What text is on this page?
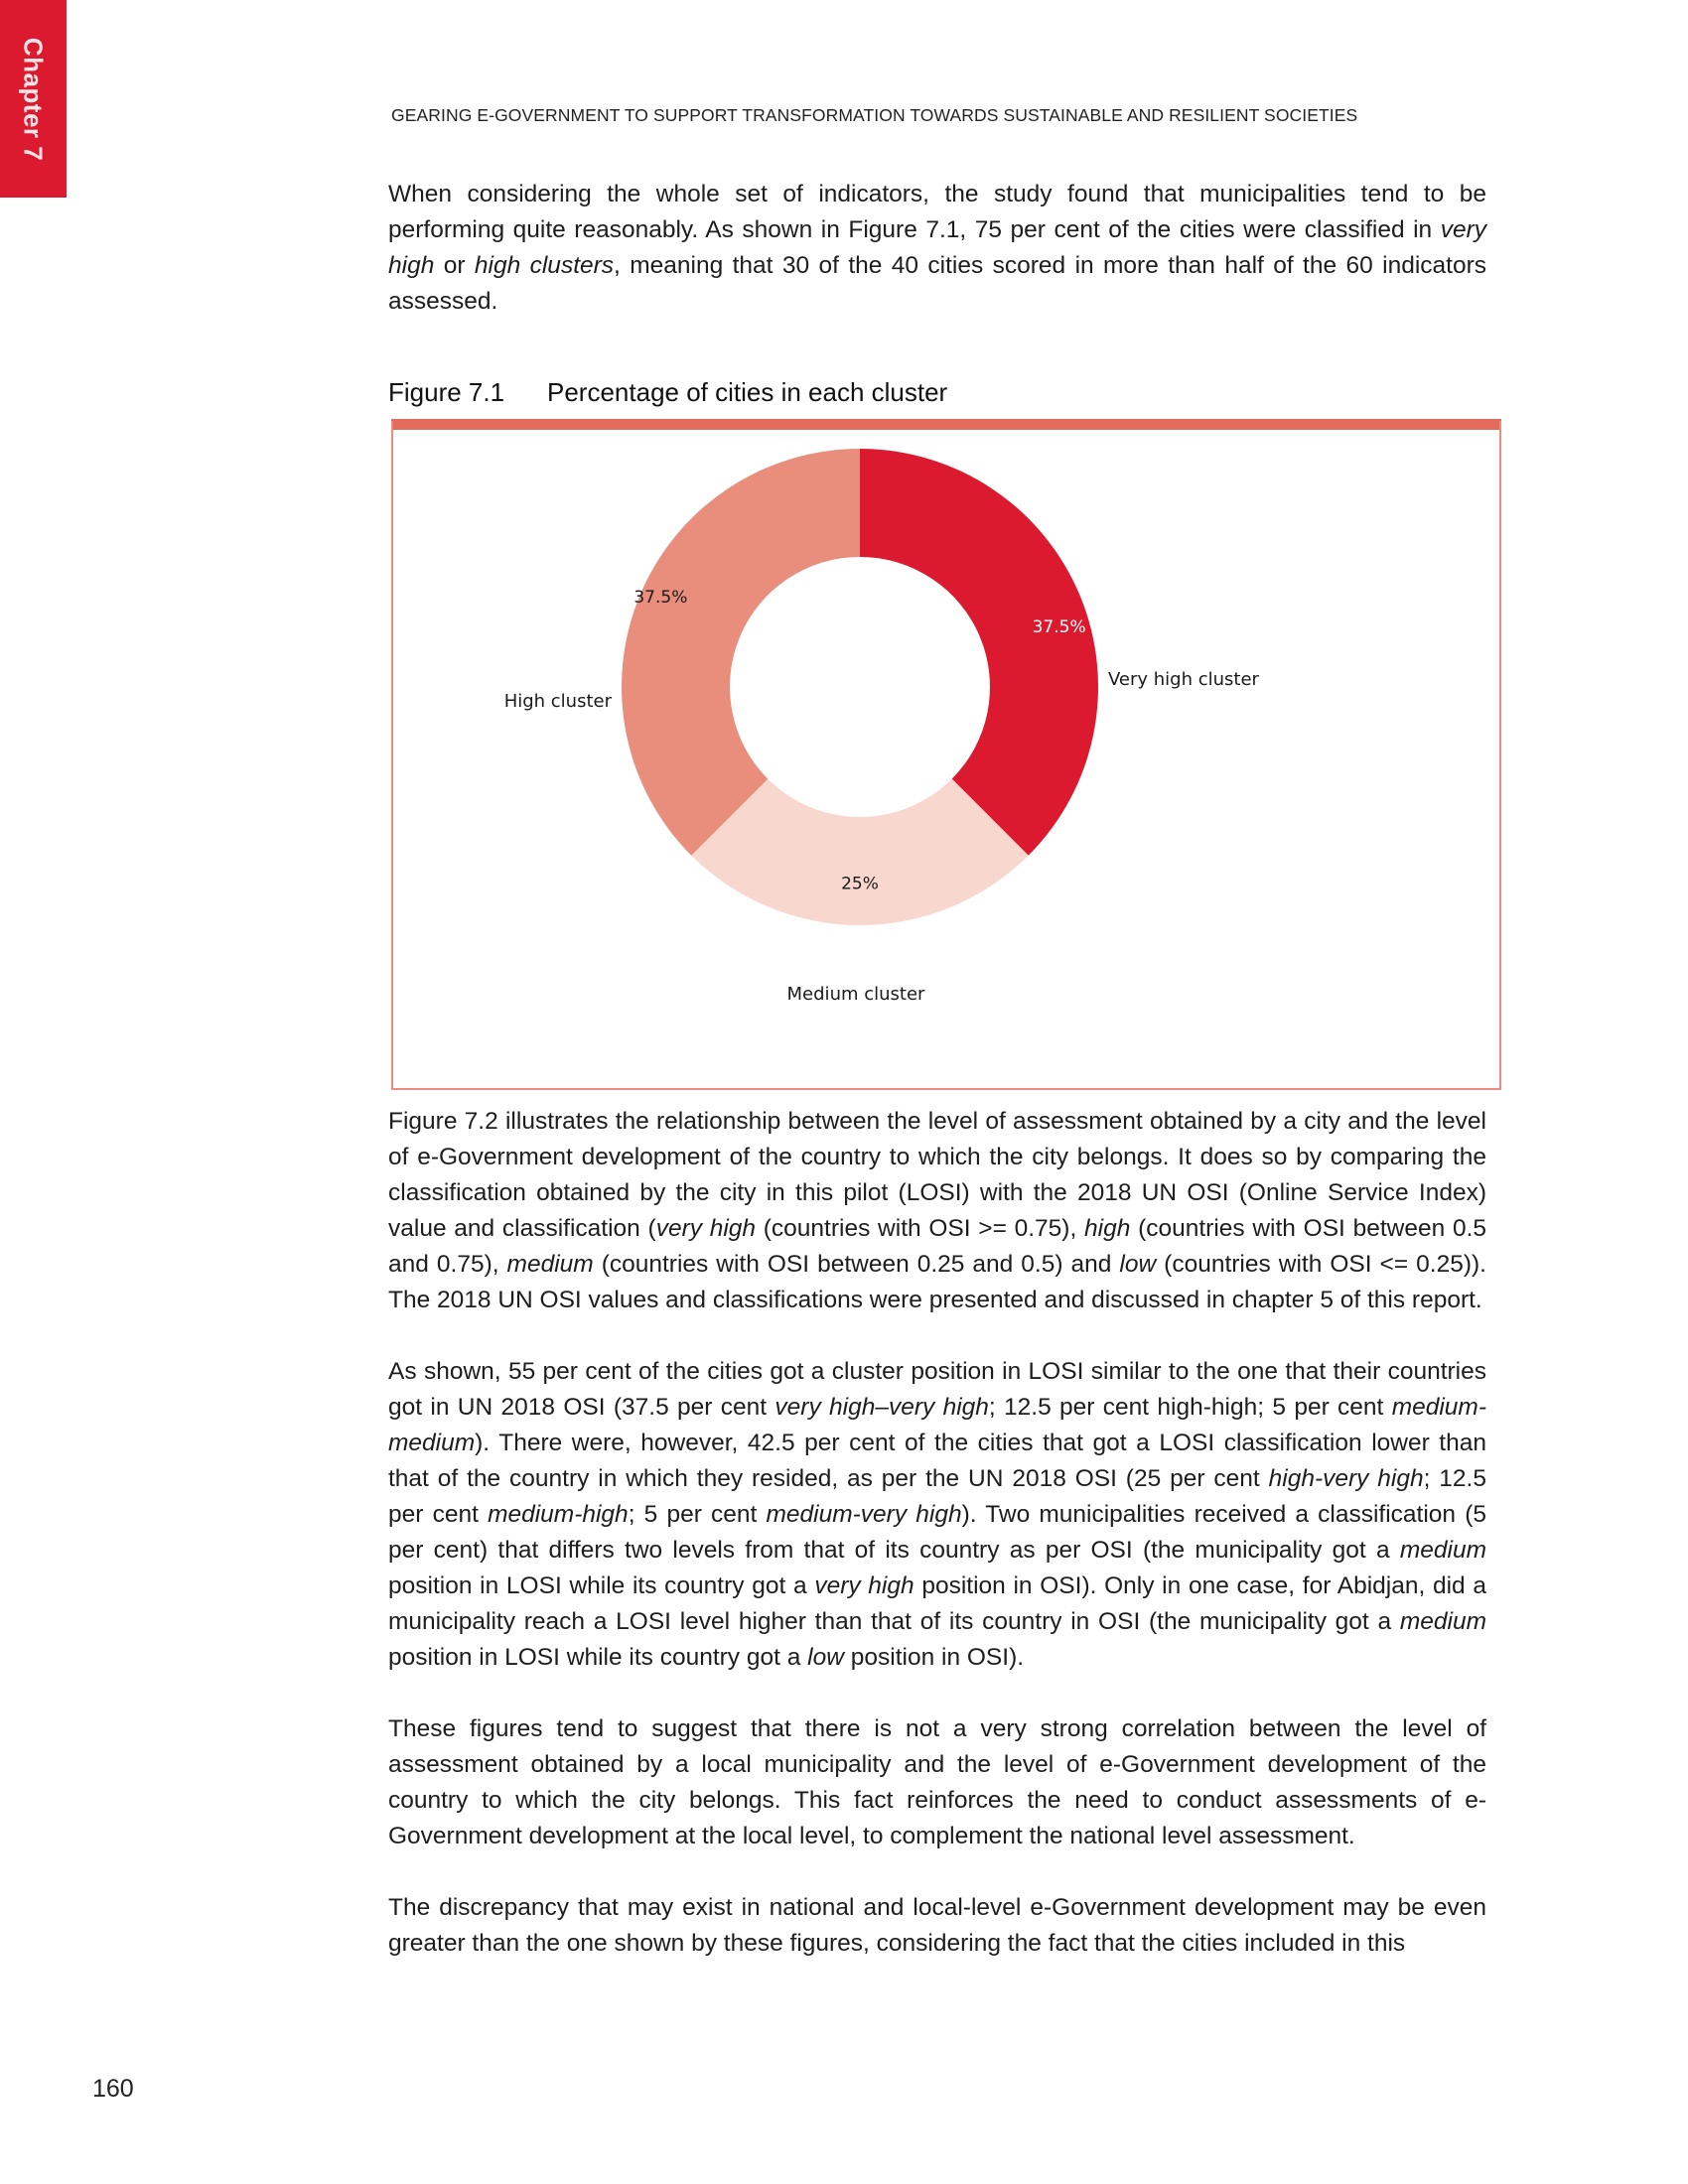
Chapter 7	GEARING E-GOVERNMENT TO SUPPORT TRANSFORMATION TOWARDS SUSTAINABLE AND RESILIENT SOCIETIES

When considering the whole set of indicators, the study found that municipalities tend to be performing quite reasonably. As shown in Figure 7.1, 75 per cent of the cities were classified in very high or high clusters, meaning that 30 of the 40 cities scored in more than half of the 60 indicators assessed.

Figure 7.1 Percentage of cities in each cluster
37.5%
Very high cluster
25%
Medium cluster
37.5%
High cluster

Figure 7.2 illustrates the relationship between the level of assessment obtained by a city and the level of e-Government development of the country to which the city belongs. It does so by comparing the classification obtained by the city in this pilot (LOSI) with the 2018 UN OSI (Online Service Index) value and classification (very high (countries with OSI >= 0.75), high (countries with OSI between 0.5 and 0.75), medium (countries with OSI between 0.25 and 0.5) and low (countries with OSI <= 0.25)). The 2018 UN OSI values and classifications were presented and discussed in chapter 5 of this report.

As shown, 55 per cent of the cities got a cluster position in LOSI similar to the one that their countries got in UN 2018 OSI (37.5 per cent very high–very high; 12.5 per cent high-high; 5 per cent medium-medium). There were, however, 42.5 per cent of the cities that got a LOSI classification lower than that of the country in which they resided, as per the UN 2018 OSI (25 per cent high-very high; 12.5 per cent medium-high; 5 per cent medium-very high). Two municipalities received a classification (5 per cent) that differs two levels from that of its country as per OSI (the municipality got a medium position in LOSI while its country got a very high position in OSI). Only in one case, for Abidjan, did a municipality reach a LOSI level higher than that of its country in OSI (the municipality got a medium position in LOSI while its country got a low position in OSI).

These figures tend to suggest that there is not a very strong correlation between the level of assessment obtained by a local municipality and the level of e-Government development of the country to which the city belongs. This fact reinforces the need to conduct assessments of e-Government development at the local level, to complement the national level assessment.

The discrepancy that may exist in national and local-level e-Government development may be even greater than the one shown by these figures, considering the fact that the cities included in this

160
